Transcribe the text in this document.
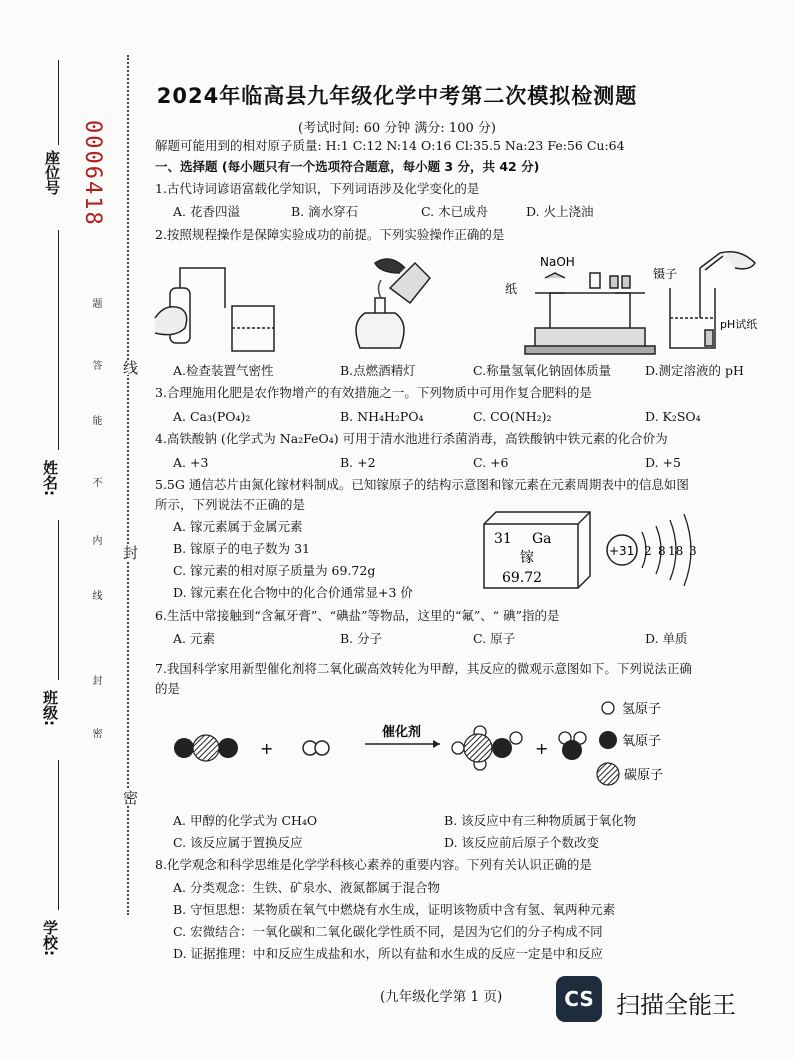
座位号 0006418
姓名:
班级:
学校:
密
封
线
内
不
能
答
题
密
封
线
2024年临高县九年级化学中考第二次模拟检测题
(考试时间: 60 分钟 满分: 100 分)
解题可能用到的相对原子质量: H:1 C:12 N:14 O:16 Cl:35.5 Na:23 Fe:56 Cu:64
一、选择题 (每小题只有一个选项符合题意，每小题 3 分，共 42 分)
1.古代诗词谚语富载化学知识，下列词语涉及化学变化的是
A. 花香四溢	B. 滴水穿石	C. 木已成舟	D. 火上浇油
2.按照规程操作是保障实验成功的前提。下列实验操作正确的是
NaOH
纸
镊子
pH试纸
A.检查装置气密性	B.点燃酒精灯	C.称量氢氧化钠固体质量	D.测定溶液的 pH
3.合理施用化肥是农作物增产的有效措施之一。下列物质中可用作复合肥料的是
A. Ca₃(PO₄)₂	B. NH₄H₂PO₄	C. CO(NH₂)₂	D. K₂SO₄
4.高铁酸钠 (化学式为 Na₂FeO₄) 可用于清水池进行杀菌消毒，高铁酸钠中铁元素的化合价为
A. +3	B. +2	C. +6	D. +5
5.5G 通信芯片由氮化镓材料制成。已知镓原子的结构示意图和镓元素在元素周期表中的信息如图
所示，下列说法不正确的是
A. 镓元素属于金属元素
B. 镓原子的电子数为 31
C. 镓元素的相对原子质量为 69.72g
D. 镓元素在化合物中的化合价通常显+3 价
31 Ga
镓
69.72
+31 2 8 18 3
6.生活中常接触到“含氟牙膏”、“碘盐”等物品，这里的“氟”、“ 碘”指的是
A. 元素	B. 分子	C. 原子	D. 单质
7.我国科学家用新型催化剂将二氧化碳高效转化为甲醇，其反应的微观示意图如下。下列说法正确
的是
+
催化剂
+
氢原子
氧原子
碳原子
A. 甲醇的化学式为 CH₄O	B. 该反应中有三种物质属于氧化物
C. 该反应属于置换反应	D. 该反应前后原子个数改变
8.化学观念和科学思维是化学学科核心素养的重要内容。下列有关认识正确的是
A. 分类观念：生铁、矿泉水、液氮都属于混合物
B. 守恒思想：某物质在氧气中燃烧有水生成，证明该物质中含有氢、氧两种元素
C. 宏微结合：一氧化碳和二氧化碳化学性质不同，是因为它们的分子构成不同
D. 证据推理：中和反应生成盐和水，所以有盐和水生成的反应一定是中和反应
(九年级化学第 1 页)	CS 扫描全能王
